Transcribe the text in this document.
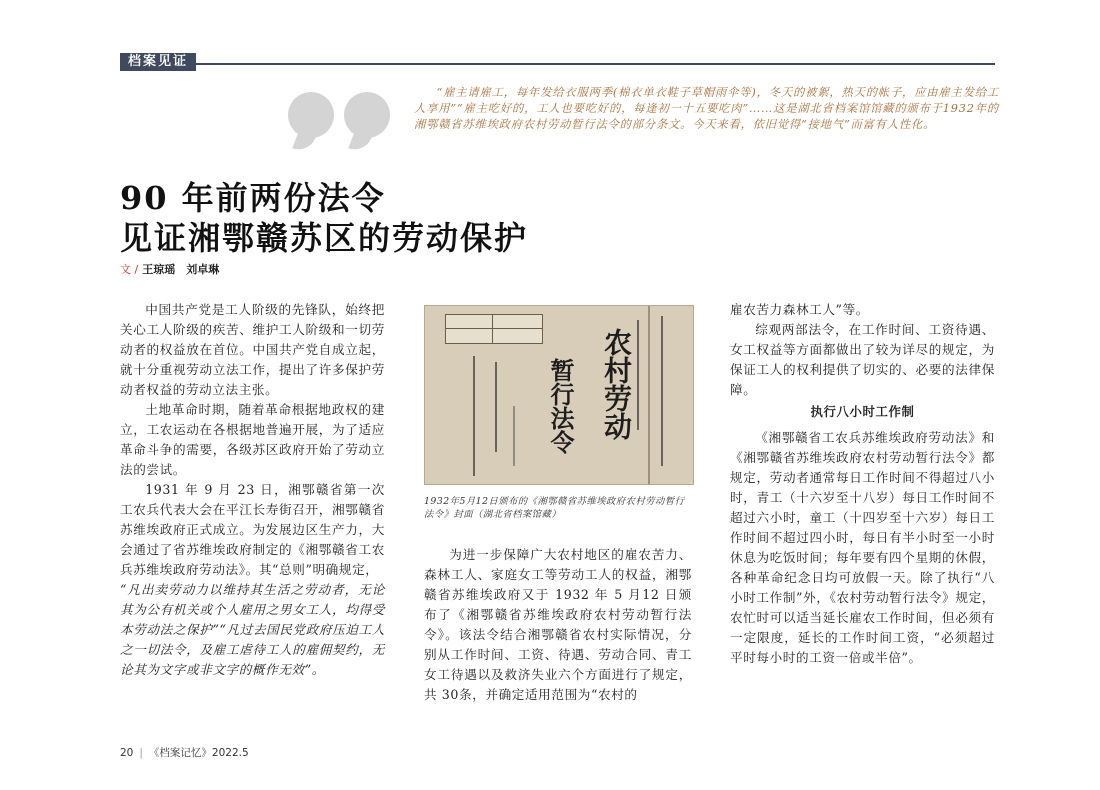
档案见证

“雇主请雇工，每年发给衣服两季(棉衣单衣鞋子草帽雨伞等)，冬天的被絮，热天的帐子，应由雇主发给工人享用”“雇主吃好的，工人也要吃好的，每逢初一十五要吃肉”……这是湖北省档案馆馆藏的颁布于1932年的湘鄂赣省苏维埃政府农村劳动暂行法令的部分条文。今天来看，依旧觉得“接地气”而富有人性化。

90 年前两份法令
见证湘鄂赣苏区的劳动保护
文 / 王琼瑶　刘卓琳

中国共产党是工人阶级的先锋队，始终把关心工人阶级的疾苦、维护工人阶级和一切劳动者的权益放在首位。中国共产党自成立起，就十分重视劳动立法工作，提出了许多保护劳动者权益的劳动立法主张。

土地革命时期，随着革命根据地政权的建立，工农运动在各根据地普遍开展，为了适应革命斗争的需要，各级苏区政府开始了劳动立法的尝试。

1931 年 9 月 23 日，湘鄂赣省第一次工农兵代表大会在平江长寿街召开，湘鄂赣省苏维埃政府正式成立。为发展边区生产力，大会通过了省苏维埃政府制定的《湘鄂赣省工农兵苏维埃政府劳动法》。其“总则”明确规定，

“凡出卖劳动力以维持其生活之劳动者，无论其为公有机关或个人雇用之男女工人，均得受本劳动法之保护”“凡过去国民党政府压迫工人之一切法令，及雇工虐待工人的雇佣契约，无论其为文字或非文字的概作无效”。

农村劳动
暂行法令
1932年5月12日颁布的《湘鄂赣省苏维埃政府农村劳动暂行法令》封面（湖北省档案馆藏）

为进一步保障广大农村地区的雇农苦力、森林工人、家庭女工等劳动工人的权益，湘鄂赣省苏维埃政府又于 1932 年 5 月12 日颁布了《湘鄂赣省苏维埃政府农村劳动暂行法令》。该法令结合湘鄂赣省农村实际情况，分别从工作时间、工资、待遇、劳动合同、青工女工待遇以及救济失业六个方面进行了规定，共 30条，并确定适用范围为“农村的

雇农苦力森林工人”等。

综观两部法令，在工作时间、工资待遇、女工权益等方面都做出了较为详尽的规定，为保证工人的权利提供了切实的、必要的法律保障。

执行八小时工作制

《湘鄂赣省工农兵苏维埃政府劳动法》和《湘鄂赣省苏维埃政府农村劳动暂行法令》都规定，劳动者通常每日工作时间不得超过八小时，青工（十六岁至十八岁）每日工作时间不超过六小时，童工（十四岁至十六岁）每日工作时间不超过四小时，每日有半小时至一小时休息为吃饭时间；每年要有四个星期的休假，各种革命纪念日均可放假一天。除了执行“八小时工作制”外，《农村劳动暂行法令》规定，农忙时可以适当延长雇农工作时间，但必须有一定限度，延长的工作时间工资，“必须超过平时每小时的工资一倍或半倍”。

20 | 《档案记忆》2022.5
